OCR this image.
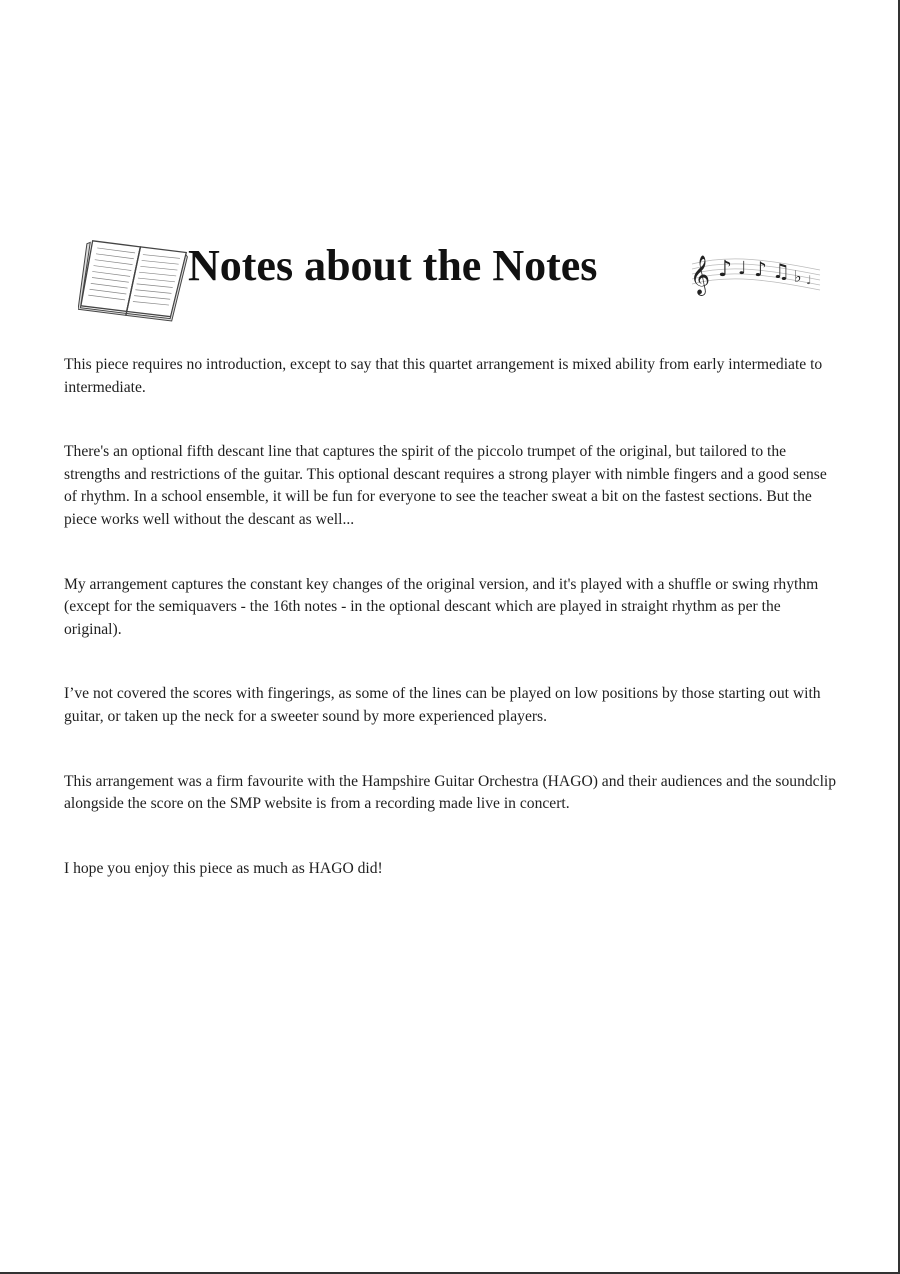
Notes about the Notes	𝄞 ♪ ♩ ♪ ♫ ♭ ♩

This piece requires no introduction, except to say that this quartet arrangement is mixed ability from early intermediate to intermediate.

There's an optional fifth descant line that captures the spirit of the piccolo trumpet of the original, but tailored to the strengths and restrictions of the guitar. This optional descant requires a strong player with nimble fingers and a good sense of rhythm. In a school ensemble, it will be fun for everyone to see the teacher sweat a bit on the fastest sections. But the piece works well without the descant as well...

My arrangement captures the constant key changes of the original version, and it's played with a shuffle or swing rhythm (except for the semiquavers - the 16th notes - in the optional descant which are played in straight rhythm as per the original).

I’ve not covered the scores with fingerings, as some of the lines can be played on low positions by those starting out with guitar, or taken up the neck for a sweeter sound by more experienced players.

This arrangement was a firm favourite with the Hampshire Guitar Orchestra (HAGO) and their audiences and the soundclip alongside the score on the SMP website is from a recording made live in concert.

I hope you enjoy this piece as much as HAGO did!
